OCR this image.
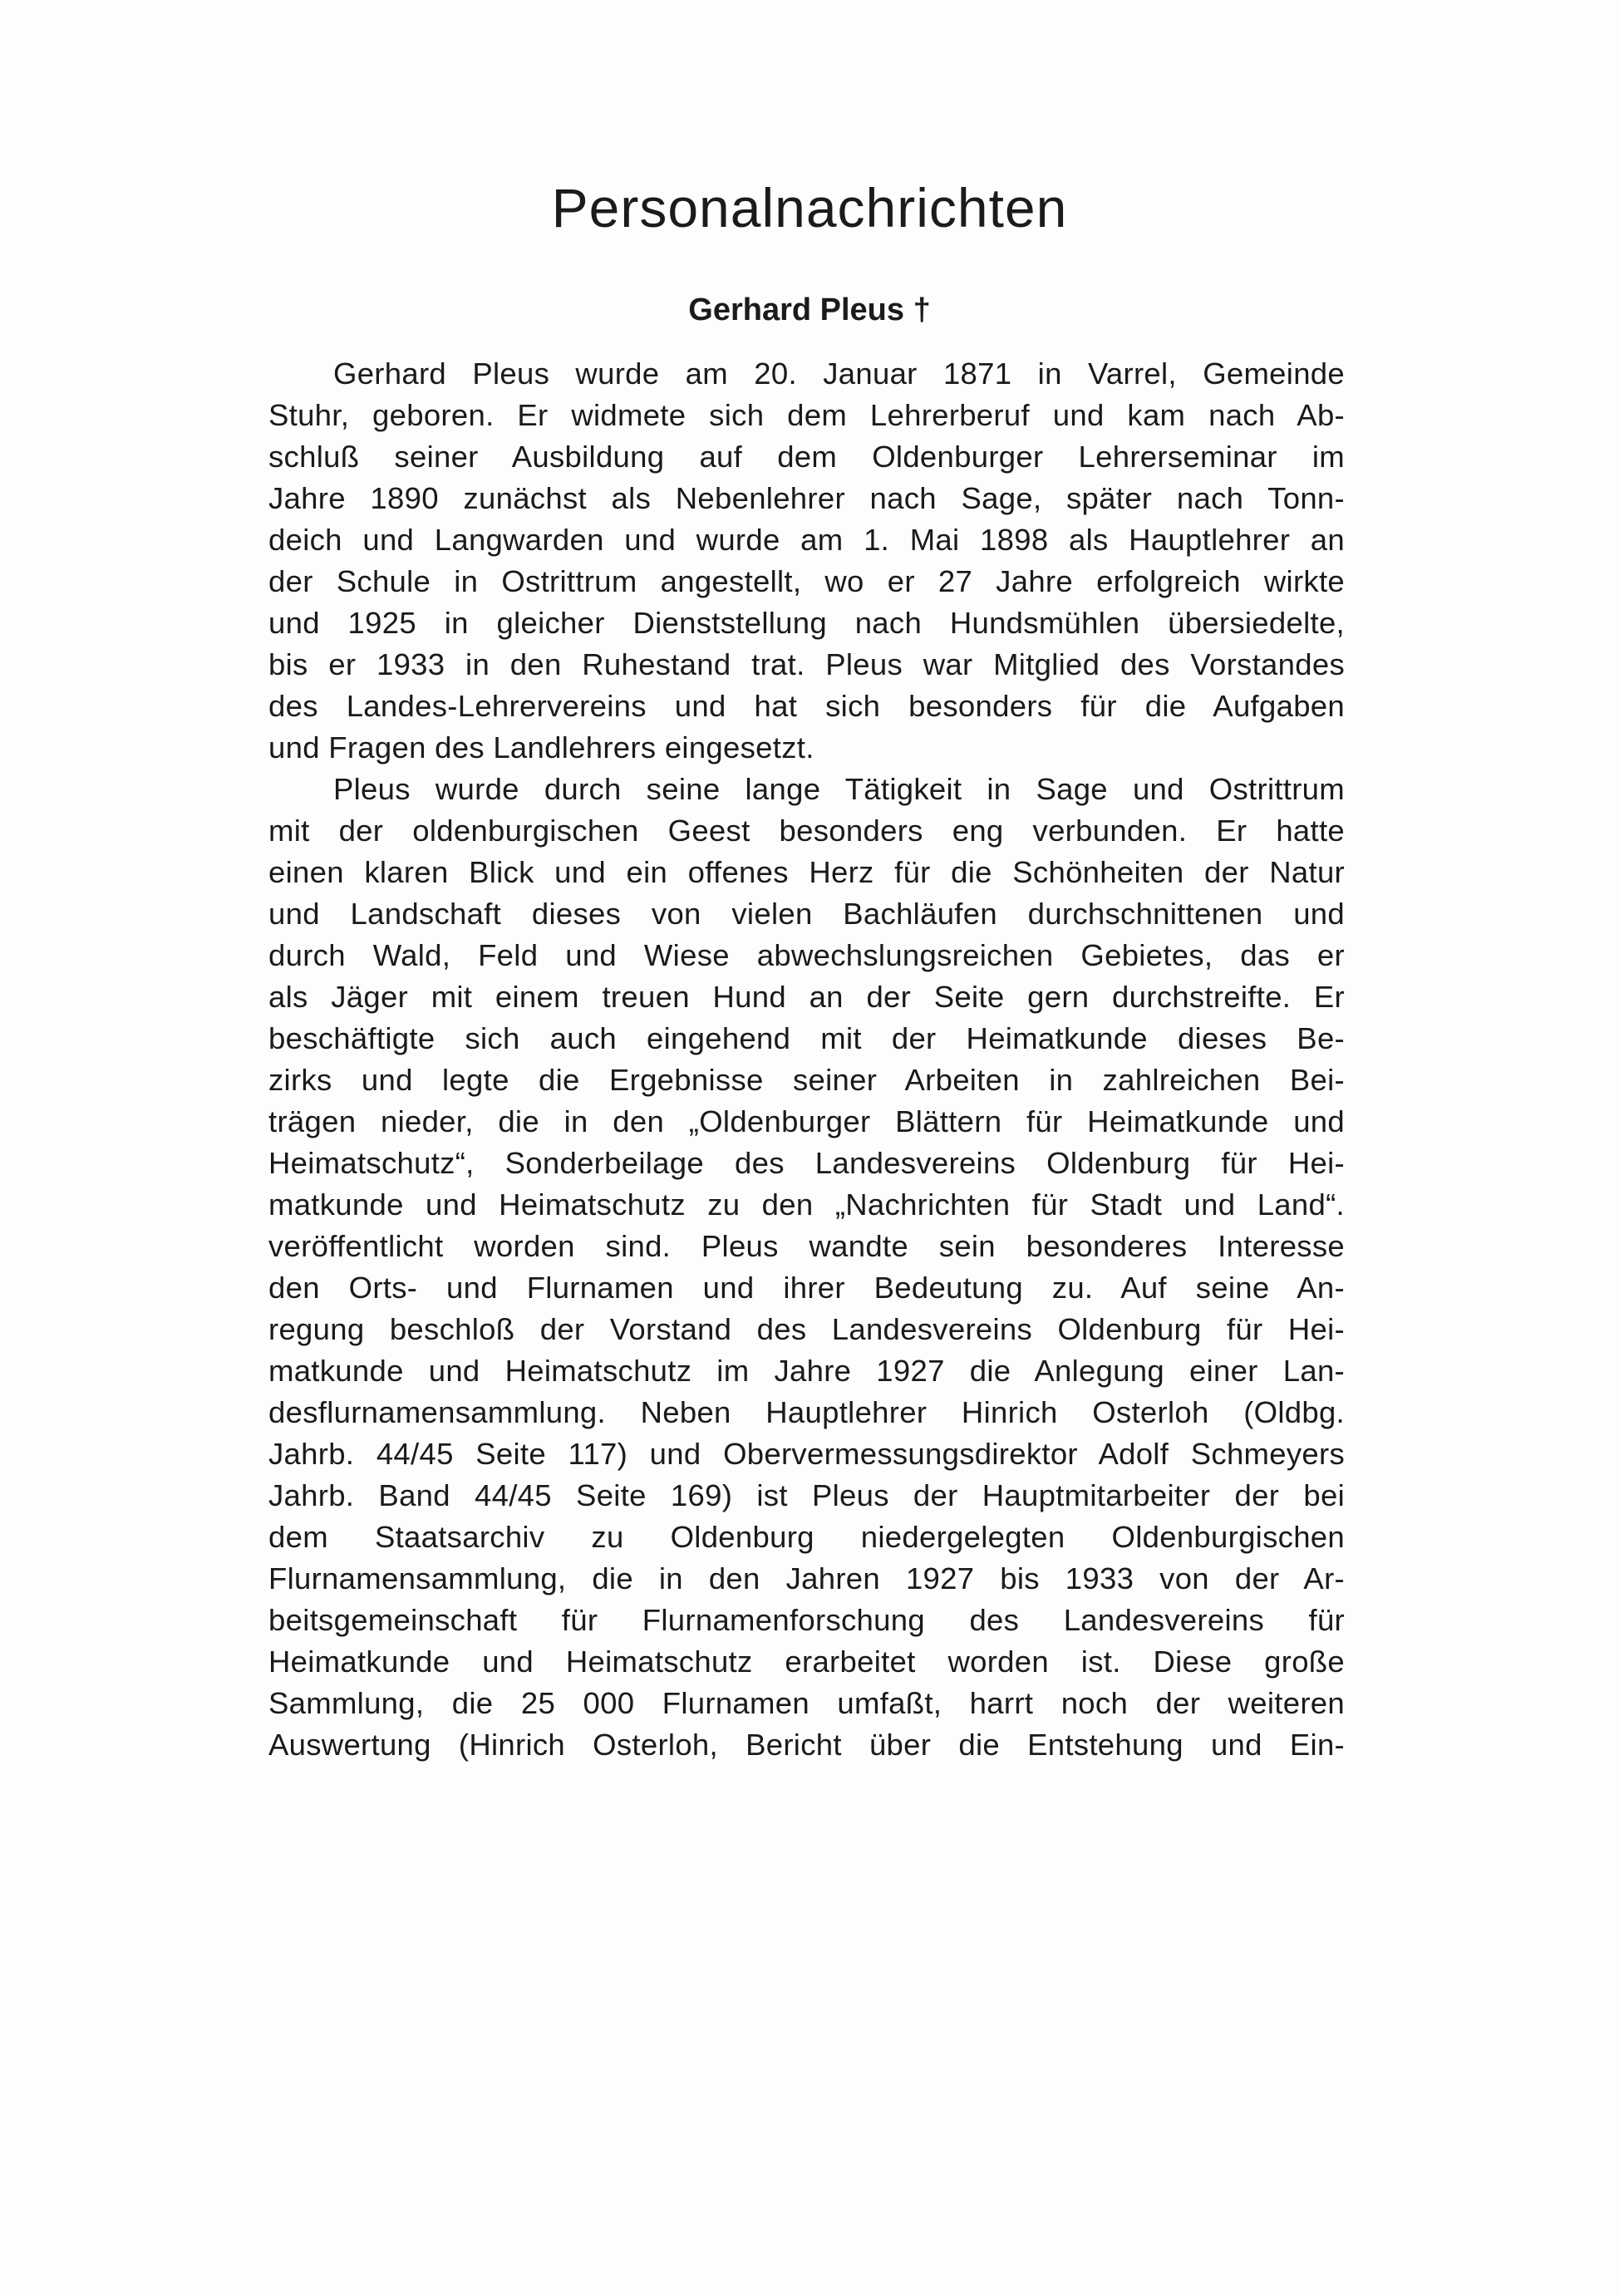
Personalnachrichten
Gerhard Pleus †
Gerhard Pleus wurde am 20. Januar 1871 in Varrel, Gemeinde
Stuhr, geboren. Er widmete sich dem Lehrerberuf und kam nach Ab-
schluß seiner Ausbildung auf dem Oldenburger Lehrerseminar im
Jahre 1890 zunächst als Nebenlehrer nach Sage, später nach Tonn-
deich und Langwarden und wurde am 1. Mai 1898 als Hauptlehrer an
der Schule in Ostrittrum angestellt, wo er 27 Jahre erfolgreich wirkte
und 1925 in gleicher Dienststellung nach Hundsmühlen übersiedelte,
bis er 1933 in den Ruhestand trat. Pleus war Mitglied des Vorstandes
des Landes-Lehrervereins und hat sich besonders für die Aufgaben
und Fragen des Landlehrers eingesetzt.
Pleus wurde durch seine lange Tätigkeit in Sage und Ostrittrum
mit der oldenburgischen Geest besonders eng verbunden. Er hatte
einen klaren Blick und ein offenes Herz für die Schönheiten der Natur
und Landschaft dieses von vielen Bachläufen durchschnittenen und
durch Wald, Feld und Wiese abwechslungsreichen Gebietes, das er
als Jäger mit einem treuen Hund an der Seite gern durchstreifte. Er
beschäftigte sich auch eingehend mit der Heimatkunde dieses Be-
zirks und legte die Ergebnisse seiner Arbeiten in zahlreichen Bei-
trägen nieder, die in den „Oldenburger Blättern für Heimatkunde und
Heimatschutz“, Sonderbeilage des Landesvereins Oldenburg für Hei-
matkunde und Heimatschutz zu den „Nachrichten für Stadt und Land“.
veröffentlicht worden sind. Pleus wandte sein besonderes Interesse
den Orts- und Flurnamen und ihrer Bedeutung zu. Auf seine An-
regung beschloß der Vorstand des Landesvereins Oldenburg für Hei-
matkunde und Heimatschutz im Jahre 1927 die Anlegung einer Lan-
desflurnamensammlung. Neben Hauptlehrer Hinrich Osterloh (Oldbg.
Jahrb. 44/45 Seite 117) und Obervermessungsdirektor Adolf Schmeyers
Jahrb. Band 44/45 Seite 169) ist Pleus der Hauptmitarbeiter der bei
dem Staatsarchiv zu Oldenburg niedergelegten Oldenburgischen
Flurnamensammlung, die in den Jahren 1927 bis 1933 von der Ar-
beitsgemeinschaft für Flurnamenforschung des Landesvereins für
Heimatkunde und Heimatschutz erarbeitet worden ist. Diese große
Sammlung, die 25 000 Flurnamen umfaßt, harrt noch der weiteren
Auswertung (Hinrich Osterloh, Bericht über die Entstehung und Ein-
